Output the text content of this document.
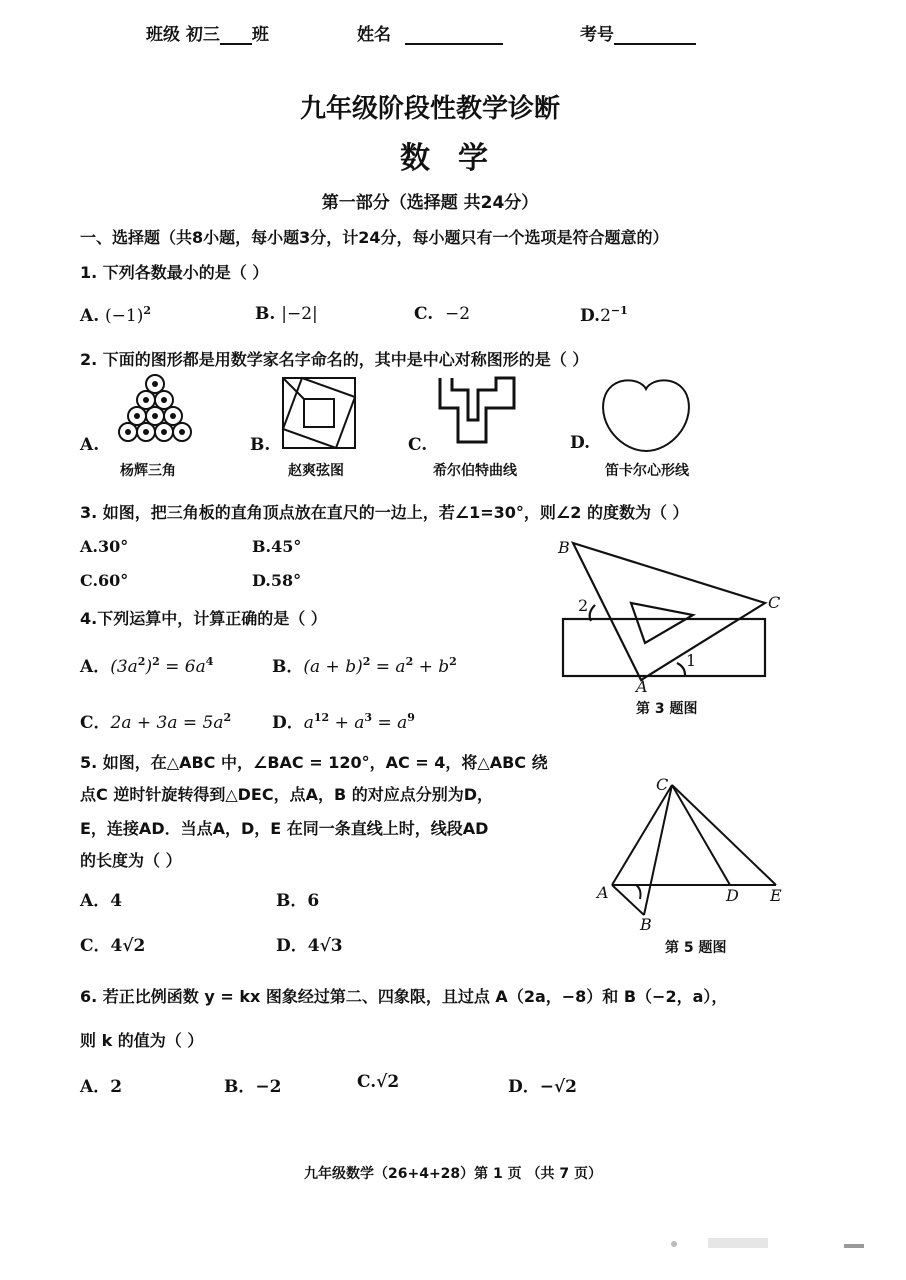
班级 初三 班	姓名	考号
九年级阶段性教学诊断
数学
第一部分（选择题 共24分）
一、选择题（共8小题，每小题3分，计24分，每小题只有一个选项是符合题意的）
1. 下列各数最小的是（ ）
A. $(-1)^2$	B. |−2|	C. −2	$D.2^{-1}$
2. 下面的图形都是用数学家名字命名的，其中是中心对称图形的是（ ）
A.
杨辉三角
B.
赵爽弦图
C.
希尔伯特曲线
D.
笛卡尔心形线
3. 如图，把三角板的直角顶点放在直尺的一边上，若∠1=30°，则∠2 的度数为（ ）
A.30°	B.45°
C.60°	D.58°
B
C
A
2
1
第 3 题图
4.下列运算中，计算正确的是（ ）
A．$(3a^2)^2 = 6a^4$	B．$(a + b)^2 = a^2 + b^2$
C．$2a + 3a = 5a^2$ D．$a^{12} + a^3 = a^9$
5. 如图，在△ABC 中，∠BAC = 120°，AC = 4，将△ABC 绕
点C 逆时针旋转得到△DEC，点A，B 的对应点分别为D，
E，连接AD．当点A，D，E 在同一条直线上时，线段AD
的长度为（ ）
A．4	B．6
C．4√2	D．4√3
C
A
B
D E
第 5 题图
6. 若正比例函数 y = kx 图象经过第二、四象限，且过点 A（2a，−8）和 B（−2，a），
则 k 的值为（ ）
A．2	B．−2	C.√2	D．−√2
九年级数学（26+4+28）第 1 页 （共 7 页）
